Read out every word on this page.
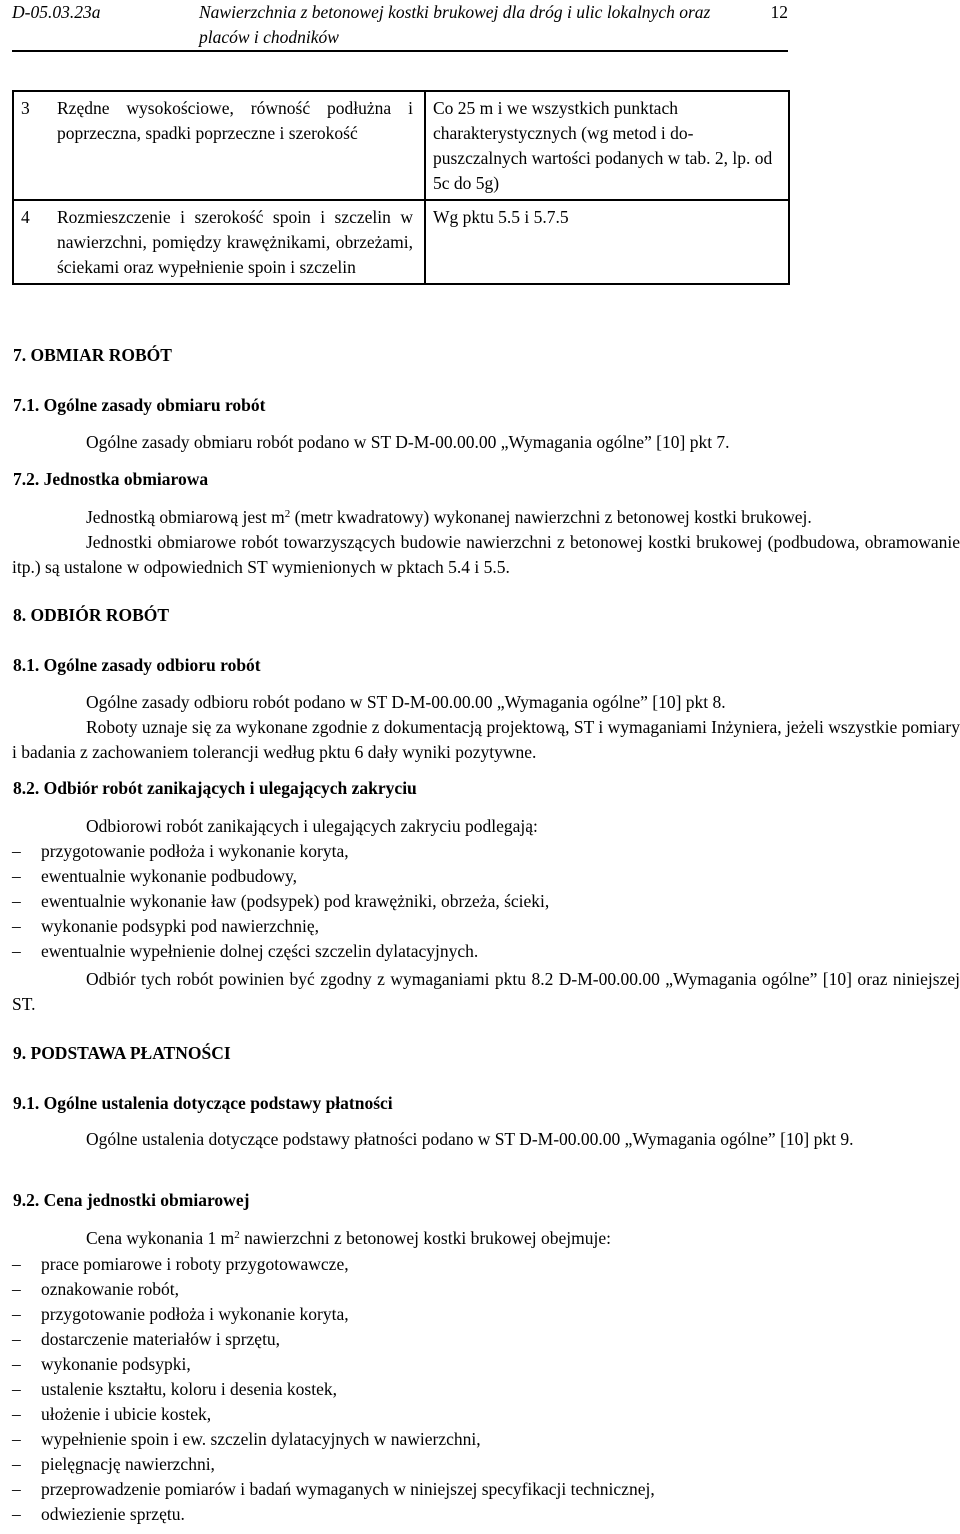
D-05.03.23a	Nawierzchnia z betonowej kostki brukowej dla dróg i ulic lokalnych oraz placów i chodników
12
3 Rzędne wysokościowe, równość podłużna i poprzeczna, spadki poprzeczne i szerokość	Co 25 m i we wszystkich punktach charakterystycznych (wg metod i do-puszczalnych wartości podanych w tab. 2, lp. od 5c do 5g)
4 Rozmieszczenie i szerokość spoin i szczelin w nawierzchni, pomiędzy krawężnikami, obrzeżami, ściekami oraz wypełnienie spoin i szczelin	Wg pktu 5.5 i 5.7.5
7. OBMIAR ROBÓT
7.1. Ogólne zasady obmiaru robót
Ogólne zasady obmiaru robót podano w ST D-M-00.00.00 „Wymagania ogólne” [10] pkt 7.
7.2. Jednostka obmiarowa
Jednostką obmiarową jest $m^2$ (metr kwadratowy) wykonanej nawierzchni z betonowej kostki brukowej.
Jednostki obmiarowe robót towarzyszących budowie nawierzchni z betonowej kostki brukowej (podbudowa, obramowanie itp.) są ustalone w odpowiednich ST wymienionych w pktach 5.4 i 5.5.
8. ODBIÓR ROBÓT
8.1. Ogólne zasady odbioru robót
Ogólne zasady odbioru robót podano w ST D-M-00.00.00 „Wymagania ogólne” [10] pkt 8.
Roboty uznaje się za wykonane zgodnie z dokumentacją projektową, ST i wymaganiami Inżyniera, jeżeli wszystkie pomiary i badania z zachowaniem tolerancji według pktu 6 dały wyniki pozytywne.
8.2. Odbiór robót zanikających i ulegających zakryciu
Odbiorowi robót zanikających i ulegających zakryciu podlegają:
– przygotowanie podłoża i wykonanie koryta,
– ewentualnie wykonanie podbudowy,
– ewentualnie wykonanie ław (podsypek) pod krawężniki, obrzeża, ścieki,
– wykonanie podsypki pod nawierzchnię,
– ewentualnie wypełnienie dolnej części szczelin dylatacyjnych.
Odbiór tych robót powinien być zgodny z wymaganiami pktu 8.2 D-M-00.00.00 „Wymagania ogólne” [10] oraz niniejszej ST.
9. PODSTAWA PŁATNOŚCI
9.1. Ogólne ustalenia dotyczące podstawy płatności
Ogólne ustalenia dotyczące podstawy płatności podano w ST D-M-00.00.00 „Wymagania ogólne” [10] pkt 9.
9.2. Cena jednostki obmiarowej
Cena wykonania 1 $m^2$ nawierzchni z betonowej kostki brukowej obejmuje:
– prace pomiarowe i roboty przygotowawcze,
– oznakowanie robót,
– przygotowanie podłoża i wykonanie koryta,
– dostarczenie materiałów i sprzętu,
– wykonanie podsypki,
– ustalenie kształtu, koloru i desenia kostek,
– ułożenie i ubicie kostek,
– wypełnienie spoin i ew. szczelin dylatacyjnych w nawierzchni,
– pielęgnację nawierzchni,
– przeprowadzenie pomiarów i badań wymaganych w niniejszej specyfikacji technicznej,
– odwiezienie sprzętu.
